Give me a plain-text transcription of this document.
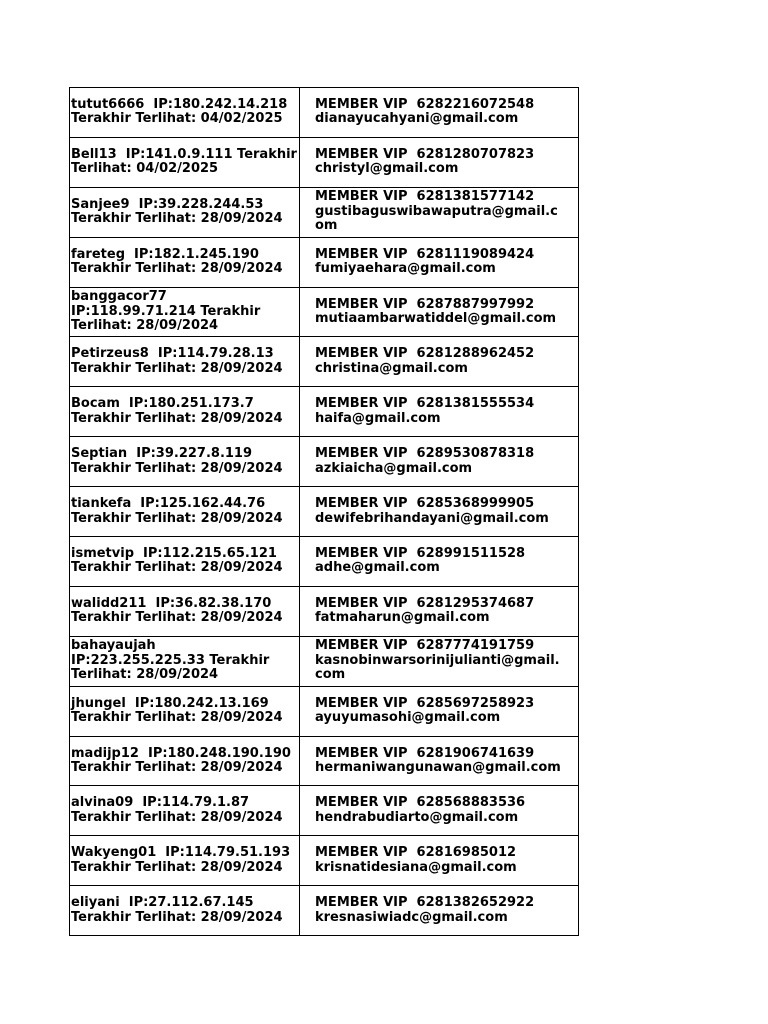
tutut6666  IP:180.242.14.218
Terakhir Terlihat: 04/02/2025	MEMBER VIP  6282216072548
dianayucahyani@gmail.com

Bell13  IP:141.0.9.111 Terakhir
Terlihat: 04/02/2025	MEMBER VIP  6281280707823
christyl@gmail.com

Sanjee9  IP:39.228.244.53
Terakhir Terlihat: 28/09/2024	MEMBER VIP  6281381577142
gustibaguswibawaputra@gmail.c
om

fareteg  IP:182.1.245.190
Terakhir Terlihat: 28/09/2024	MEMBER VIP  6281119089424
fumiyaehara@gmail.com

banggacor77
IP:118.99.71.214 Terakhir
Terlihat: 28/09/2024	MEMBER VIP  6287887997992
mutiaambarwatiddel@gmail.com

Petirzeus8  IP:114.79.28.13
Terakhir Terlihat: 28/09/2024	MEMBER VIP  6281288962452
christina@gmail.com

Bocam  IP:180.251.173.7
Terakhir Terlihat: 28/09/2024	MEMBER VIP  6281381555534
haifa@gmail.com

Septian  IP:39.227.8.119
Terakhir Terlihat: 28/09/2024	MEMBER VIP  6289530878318
azkiaicha@gmail.com

tiankefa  IP:125.162.44.76
Terakhir Terlihat: 28/09/2024	MEMBER VIP  6285368999905
dewifebrihandayani@gmail.com

ismetvip  IP:112.215.65.121
Terakhir Terlihat: 28/09/2024	MEMBER VIP  628991511528
adhe@gmail.com

walidd211  IP:36.82.38.170
Terakhir Terlihat: 28/09/2024	MEMBER VIP  6281295374687
fatmaharun@gmail.com

bahayaujah
IP:223.255.225.33 Terakhir
Terlihat: 28/09/2024	MEMBER VIP  6287774191759
kasnobinwarsorinijulianti@gmail.
com

jhungel  IP:180.242.13.169
Terakhir Terlihat: 28/09/2024	MEMBER VIP  6285697258923
ayuyumasohi@gmail.com

madijp12  IP:180.248.190.190
Terakhir Terlihat: 28/09/2024	MEMBER VIP  6281906741639
hermaniwangunawan@gmail.com

alvina09  IP:114.79.1.87
Terakhir Terlihat: 28/09/2024	MEMBER VIP  628568883536
hendrabudiarto@gmail.com

Wakyeng01  IP:114.79.51.193
Terakhir Terlihat: 28/09/2024	MEMBER VIP  62816985012
krisnatidesiana@gmail.com

eliyani  IP:27.112.67.145
Terakhir Terlihat: 28/09/2024	MEMBER VIP  6281382652922
kresnasiwiadc@gmail.com
